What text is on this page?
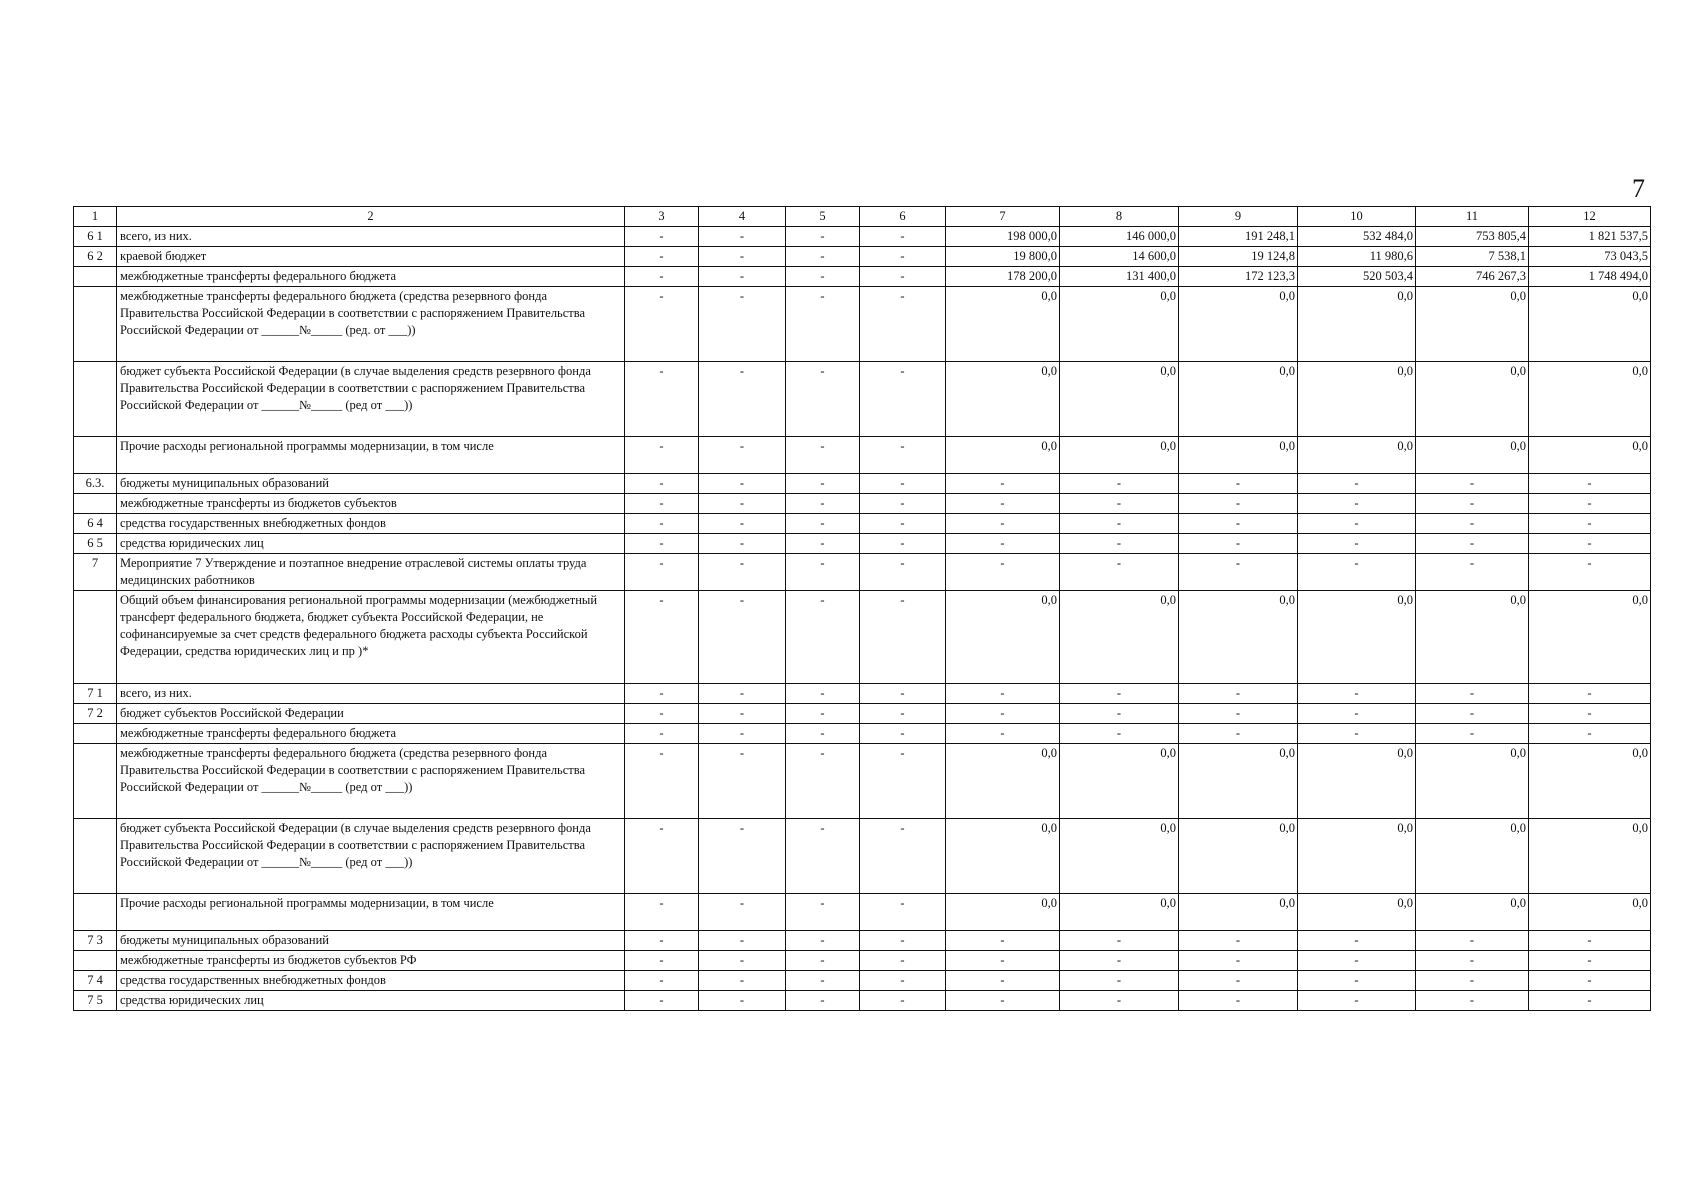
7
1	2	3	4	5	6	7	8	9	10	11	12
6 1	всего, из них.	-	-	-	-	198 000,0	146 000,0	191 248,1	532 484,0	753 805,4	1 821 537,5
6 2	краевой бюджет	-	-	-	-	19 800,0	14 600,0	19 124,8	11 980,6	7 538,1	73 043,5
	межбюджетные трансферты федерального бюджета	-	-	-	-	178 200,0	131 400,0	172 123,3	520 503,4	746 267,3	1 748 494,0
	межбюджетные трансферты федерального бюджета (средства резервного фонда Правительства Российской Федерации в соответствии с распоряжением Правительства Российской Федерации от ______№_____ (ред. от ___))	-	-	-	-	0,0	0,0	0,0	0,0	0,0	0,0
	бюджет субъекта Российской Федерации (в случае выделения средств резервного фонда Правительства Российской Федерации в соответствии с распоряжением Правительства Российской Федерации от ______№_____ (ред от ___))	-	-	-	-	0,0	0,0	0,0	0,0	0,0	0,0
	Прочие расходы региональной программы модернизации, в том числе	-	-	-	-	0,0	0,0	0,0	0,0	0,0	0,0
6.3.	бюджеты муниципальных образований	-	-	-	-	-	-	-	-	-	-
	межбюджетные трансферты из бюджетов субъектов	-	-	-	-	-	-	-	-	-	-
6 4	средства государственных внебюджетных фондов	-	-	-	-	-	-	-	-	-	-
6 5	средства юридических лиц	-	-	-	-	-	-	-	-	-	-
7	Мероприятие 7 Утверждение и поэтапное внедрение отраслевой системы оплаты труда медицинских работников	-	-	-	-	-	-	-	-	-	-
	Общий объем финансирования региональной программы модернизации (межбюджетный трансферт федерального бюджета, бюджет субъекта Российской Федерации, не софинансируемые за счет средств федерального бюджета расходы субъекта Российской Федерации, средства юридических лиц и пр )*	-	-	-	-	0,0	0,0	0,0	0,0	0,0	0,0
7 1	всего, из них.	-	-	-	-	-	-	-	-	-	-
7 2	бюджет субъектов Российской Федерации	-	-	-	-	-	-	-	-	-	-
	межбюджетные трансферты федерального бюджета	-	-	-	-	-	-	-	-	-	-
	межбюджетные трансферты федерального бюджета (средства резервного фонда Правительства Российской Федерации в соответствии с распоряжением Правительства Российской Федерации от ______№_____ (ред от ___))	-	-	-	-	0,0	0,0	0,0	0,0	0,0	0,0
	бюджет субъекта Российской Федерации (в случае выделения средств резервного фонда Правительства Российской Федерации в соответствии с распоряжением Правительства Российской Федерации от ______№_____ (ред от ___))	-	-	-	-	0,0	0,0	0,0	0,0	0,0	0,0
	Прочие расходы региональной программы модернизации, в том числе	-	-	-	-	0,0	0,0	0,0	0,0	0,0	0,0
7 3	бюджеты муниципальных образований	-	-	-	-	-	-	-	-	-	-
	межбюджетные трансферты из бюджетов субъектов РФ	-	-	-	-	-	-	-	-	-	-
7 4	средства государственных внебюджетных фондов	-	-	-	-	-	-	-	-	-	-
7 5	средства юридических лиц	-	-	-	-	-	-	-	-	-	-
